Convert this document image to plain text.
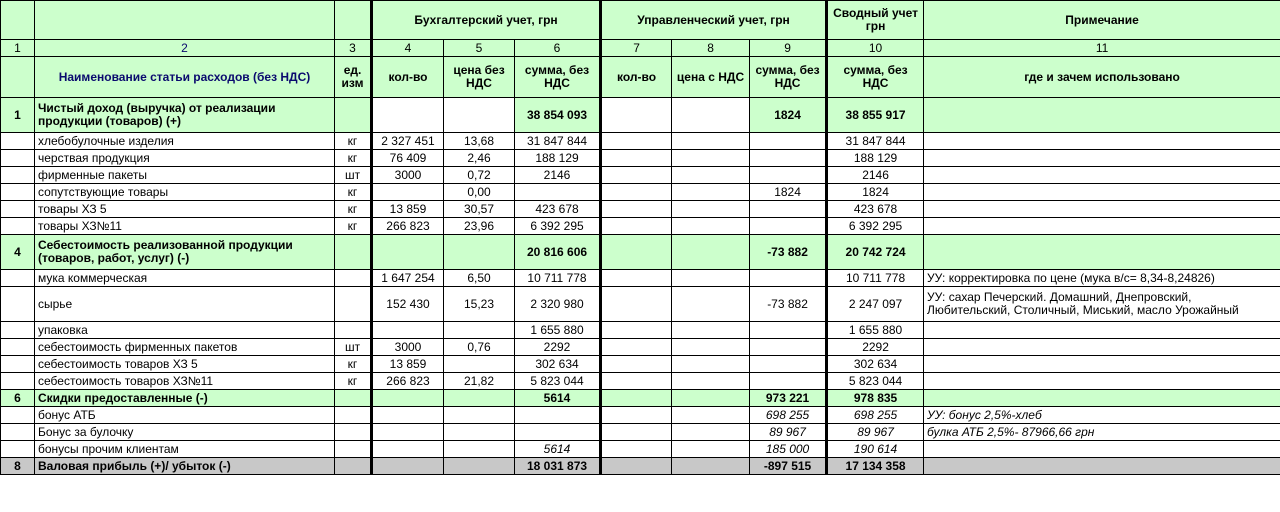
			Бухгалтерский учет, грн			Управленческий учет, грн			Сводный учет грн	Примечание
1	2	3	4	5	6	7	8	9	10	11
	Наименование статьи расходов (без НДС)	ед. изм	кол-во	цена без НДС	сумма, без НДС	кол-во	цена с НДС	сумма, без НДС	сумма, без НДС	где и зачем использовано
1	Чистый доход (выручка) от реализации продукции (товаров) (+)				38 854 093			1824	38 855 917	
	хлебобулочные изделия	кг	2 327 451	13,68	31 847 844				31 847 844	
	черствая продукция	кг	76 409	2,46	188 129				188 129	
	фирменные пакеты	шт	3000	0,72	2146				2146	
	сопутствующие товары	кг		0,00				1824	1824	
	товары ХЗ 5	кг	13 859	30,57	423 678				423 678	
	товары ХЗ№11	кг	266 823	23,96	6 392 295				6 392 295	
4	Себестоимость реализованной продукции (товаров, работ, услуг) (-)				20 816 606			-73 882	20 742 724	
	мука коммерческая		1 647 254	6,50	10 711 778				10 711 778	УУ: корректировка по цене (мука в/с= 8,34-8,24826)
	сырье		152 430	15,23	2 320 980			-73 882	2 247 097	УУ: сахар Печерский. Домашний, Днепровский, Любительский, Столичный, Миський, масло Урожайный
	упаковка				1 655 880				1 655 880	
	себестоимость фирменных пакетов	шт	3000	0,76	2292				2292	
	себестоимость товаров ХЗ 5	кг	13 859		302 634				302 634	
	себестоимость товаров ХЗ№11	кг	266 823	21,82	5 823 044				5 823 044	
6	Скидки предоставленные (-)				5614			973 221	978 835	
	бонус АТБ							698 255	698 255	УУ: бонус 2,5%-хлеб
	Бонус за булочку							89 967	89 967	булка АТБ 2,5%- 87966,66 грн
	бонусы прочим клиентам				5614			185 000	190 614	
8	Валовая прибыль (+)/ убыток (-)				18 031 873			-897 515	17 134 358	
